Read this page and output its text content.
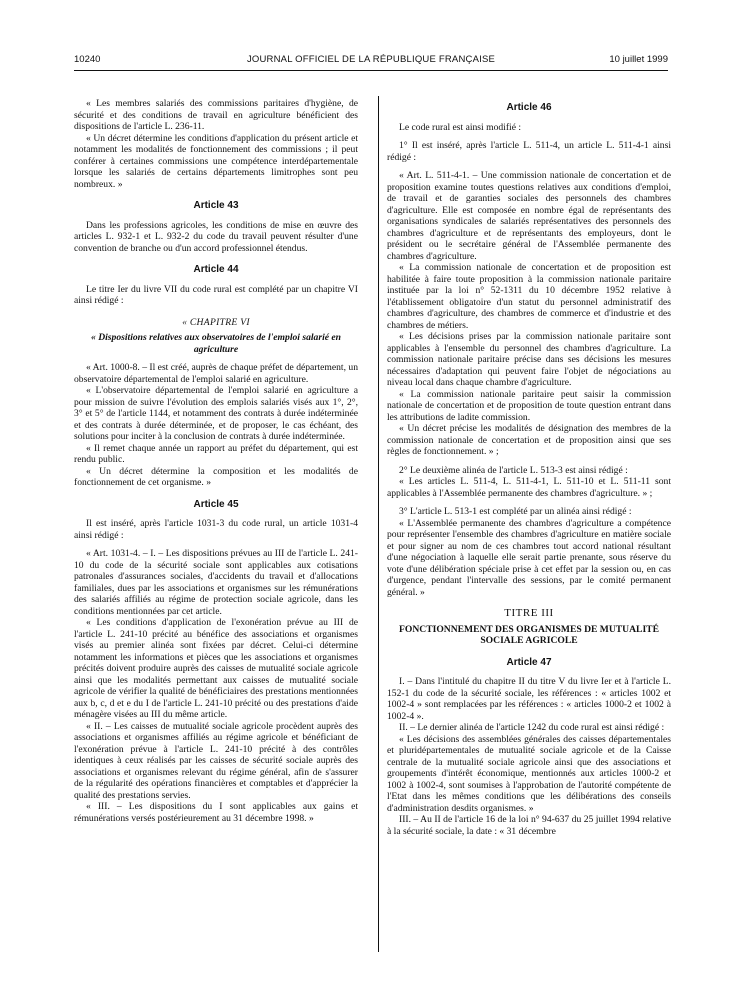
10240	JOURNAL OFFICIEL DE LA RÉPUBLIQUE FRANÇAISE	10 juillet 1999

« Les membres salariés des commissions paritaires d'hygiène, de sécurité et des conditions de travail en agriculture bénéficient des dispositions de l'article L. 236-11.

« Un décret détermine les conditions d'application du présent article et notamment les modalités de fonctionnement des commissions ; il peut conférer à certaines commissions une compétence interdépartementale lorsque les salariés de certains départements limitrophes sont peu nombreux. »

Article 43

Dans les professions agricoles, les conditions de mise en œuvre des articles L. 932-1 et L. 932-2 du code du travail peuvent résulter d'une convention de branche ou d'un accord professionnel étendus.

Article 44

Le titre Ier du livre VII du code rural est complété par un chapitre VI ainsi rédigé :

« CHAPITRE VI

« Dispositions relatives aux observatoires de l'emploi salarié en agriculture

« Art. 1000-8. – Il est créé, auprès de chaque préfet de département, un observatoire départemental de l'emploi salarié en agriculture.

« L'observatoire départemental de l'emploi salarié en agriculture a pour mission de suivre l'évolution des emplois salariés visés aux 1°, 2°, 3° et 5° de l'article 1144, et notamment des contrats à durée indéterminée et des contrats à durée déterminée, et de proposer, le cas échéant, des solutions pour inciter à la conclusion de contrats à durée indéterminée.

« Il remet chaque année un rapport au préfet du département, qui est rendu public.

« Un décret détermine la composition et les modalités de fonctionnement de cet organisme. »

Article 45

Il est inséré, après l'article 1031-3 du code rural, un article 1031-4 ainsi rédigé :

« Art. 1031-4. – I. – Les dispositions prévues au III de l'article L. 241-10 du code de la sécurité sociale sont applicables aux cotisations patronales d'assurances sociales, d'accidents du travail et d'allocations familiales, dues par les associations et organismes sur les rémunérations des salariés affiliés au régime de protection sociale agricole, dans les conditions mentionnées par cet article.

« Les conditions d'application de l'exonération prévue au III de l'article L. 241-10 précité au bénéfice des associations et organismes visés au premier alinéa sont fixées par décret. Celui-ci détermine notamment les informations et pièces que les associations et organismes précités doivent produire auprès des caisses de mutualité sociale agricole ainsi que les modalités permettant aux caisses de mutualité sociale agricole de vérifier la qualité de bénéficiaires des prestations mentionnées aux b, c, d et e du I de l'article L. 241-10 précité ou des prestations d'aide ménagère visées au III du même article.

« II. – Les caisses de mutualité sociale agricole procèdent auprès des associations et organismes affiliés au régime agricole et bénéficiant de l'exonération prévue à l'article L. 241-10 précité à des contrôles identiques à ceux réalisés par les caisses de sécurité sociale auprès des associations et organismes relevant du régime général, afin de s'assurer de la régularité des opérations financières et comptables et d'apprécier la qualité des prestations servies.

« III. – Les dispositions du I sont applicables aux gains et rémunérations versés postérieurement au 31 décembre 1998. »

Article 46

Le code rural est ainsi modifié :

1° Il est inséré, après l'article L. 511-4, un article L. 511-4-1 ainsi rédigé :

« Art. L. 511-4-1. – Une commission nationale de concertation et de proposition examine toutes questions relatives aux conditions d'emploi, de travail et de garanties sociales des personnels des chambres d'agriculture. Elle est composée en nombre égal de représentants des organisations syndicales de salariés représentatives des personnels des chambres d'agriculture et de représentants des employeurs, dont le président ou le secrétaire général de l'Assemblée permanente des chambres d'agriculture.

« La commission nationale de concertation et de proposition est habilitée à faire toute proposition à la commission nationale paritaire instituée par la loi n° 52-1311 du 10 décembre 1952 relative à l'établissement obligatoire d'un statut du personnel administratif des chambres d'agriculture, des chambres de commerce et d'industrie et des chambres de métiers.

« Les décisions prises par la commission nationale paritaire sont applicables à l'ensemble du personnel des chambres d'agriculture. La commission nationale paritaire précise dans ses décisions les mesures nécessaires d'adaptation qui peuvent faire l'objet de négociations au niveau local dans chaque chambre d'agriculture.

« La commission nationale paritaire peut saisir la commission nationale de concertation et de proposition de toute question entrant dans les attributions de ladite commission.

« Un décret précise les modalités de désignation des membres de la commission nationale de concertation et de proposition ainsi que ses règles de fonctionnement. » ;

2° Le deuxième alinéa de l'article L. 513-3 est ainsi rédigé :

« Les articles L. 511-4, L. 511-4-1, L. 511-10 et L. 511-11 sont applicables à l'Assemblée permanente des chambres d'agriculture. » ;

3° L'article L. 513-1 est complété par un alinéa ainsi rédigé :

« L'Assemblée permanente des chambres d'agriculture a compétence pour représenter l'ensemble des chambres d'agriculture en matière sociale et pour signer au nom de ces chambres tout accord national résultant d'une négociation à laquelle elle serait partie prenante, sous réserve du vote d'une délibération spéciale prise à cet effet par la session ou, en cas d'urgence, pendant l'intervalle des sessions, par le comité permanent général. »

TITRE III

FONCTIONNEMENT DES ORGANISMES DE MUTUALITÉ SOCIALE AGRICOLE

Article 47

I. – Dans l'intitulé du chapitre II du titre V du livre Ier et à l'article L. 152-1 du code de la sécurité sociale, les références : « articles 1002 et 1002-4 » sont remplacées par les références : « articles 1000-2 et 1002 à 1002-4 ».

II. – Le dernier alinéa de l'article 1242 du code rural est ainsi rédigé :

« Les décisions des assemblées générales des caisses départementales et pluridépartementales de mutualité sociale agricole et de la Caisse centrale de la mutualité sociale agricole ainsi que des associations et groupements d'intérêt économique, mentionnés aux articles 1000-2 et 1002 à 1002-4, sont soumises à l'approbation de l'autorité compétente de l'Etat dans les mêmes conditions que les délibérations des conseils d'administration desdits organismes. »

III. – Au II de l'article 16 de la loi n° 94-637 du 25 juillet 1994 relative à la sécurité sociale, la date : « 31 décembre
